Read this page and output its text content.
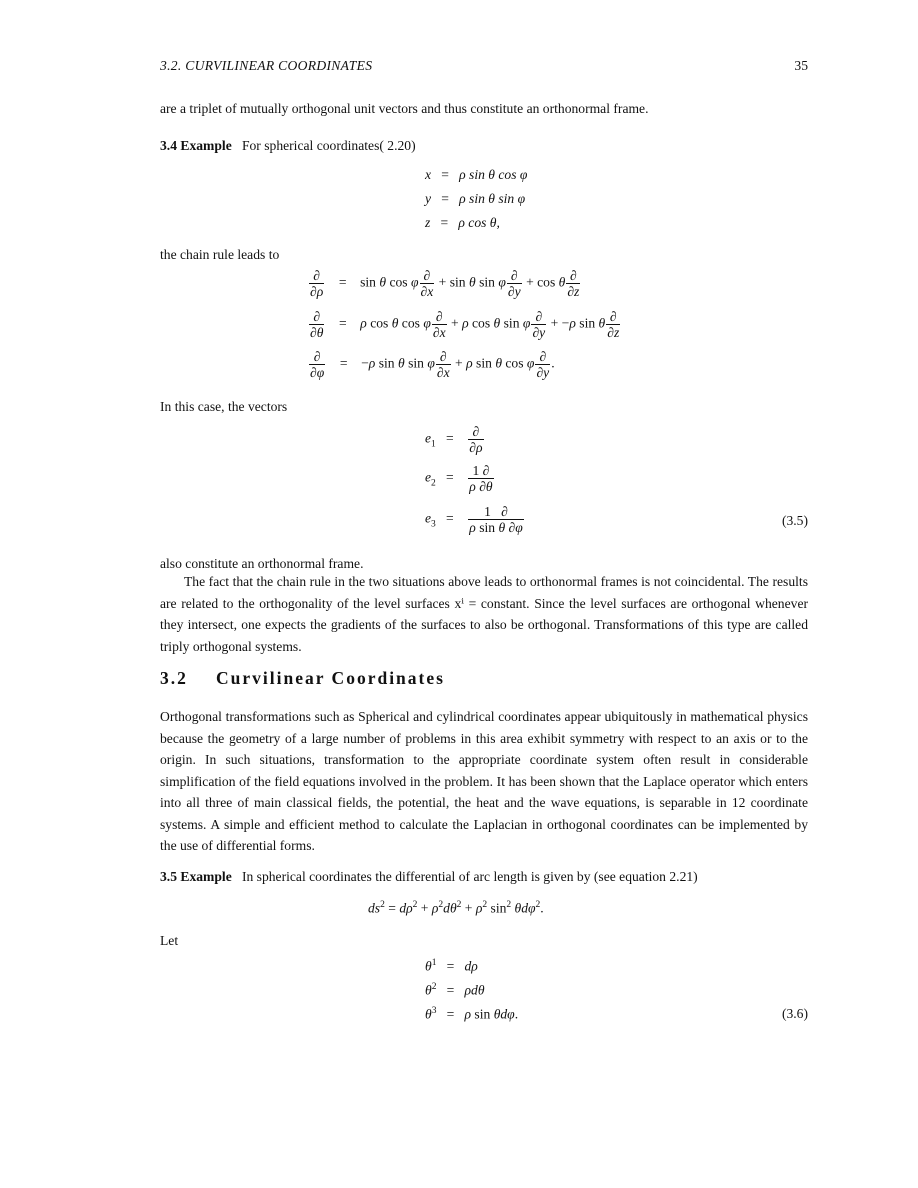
3.2. CURVILINEAR COORDINATES	35
are a triplet of mutually orthogonal unit vectors and thus constitute an orthonormal frame.
3.4 Example For spherical coordinates( 2.20)
x   =   ρ sin θ cos φ
y   =   ρ sin θ sin φ
z   =   ρ cos θ,
the chain rule leads to
$\frac{\partial}{\partial\rho}$ =    sin θ cos φ $\frac{\partial}{\partial x} + \sin \theta$ sin φ $\frac{\partial}{\partial y} + \cos \theta \frac{\partial}{\partial z}$
$\frac{\partial}{\partial\theta}$ =    ρ cos θ cos φ $\frac{\partial}{\partial x} + \rho$ cos θ sin φ $\frac{\partial}{\partial y} + -\rho$ sin θ $\frac{\partial}{\partial z}$
$\frac{\partial}{\partial\varphi}$ =    −ρ sin θ sin φ $\frac{\partial}{\partial x} + \rho$ sin θ cos φ $\frac{\partial}{\partial y}$ .
In this case, the vectors
$e_1 = \frac{\partial}{\partial\rho}$
$e_2 = \frac{1 \partial}{\rho \partial\theta}$
$e_3 = \frac{1 \partial}{\text{ρ sin θ ∂φ}}$	(3.5)
also constitute an orthonormal frame.
The fact that the chain rule in the two situations above leads to orthonormal frames is not coincidental. The results are related to the orthogonality of the level surfaces xⁱ = constant. Since the level surfaces are orthogonal whenever they intersect, one expects the gradients of the surfaces to also be orthogonal. Transformations of this type are called triply orthogonal systems.
3.2 Curvilinear Coordinates
Orthogonal transformations such as Spherical and cylindrical coordinates appear ubiquitously in mathematical physics because the geometry of a large number of problems in this area exhibit symmetry with respect to an axis or to the origin. In such situations, transformation to the appropriate coordinate system often result in considerable simplification of the field equations involved in the problem. It has been shown that the Laplace operator which enters into all three of main classical fields, the potential, the heat and the wave equations, is separable in 12 coordinate systems. A simple and efficient method to calculate the Laplacian in orthogonal coordinates can be implemented by the use of differential forms.
3.5 Example In spherical coordinates the differential of arc length is given by (see equation 2.21)
$ds^2 = d\rho^2 + \rho^2d\theta^2 + \rho^2$ $\sin^2 \theta d\varphi^2$.
Let
$\theta^1 = d\rho$
$\theta^2 = \rho d\theta$
$\theta^3 = \rho$ sin θdφ.	(3.6)
